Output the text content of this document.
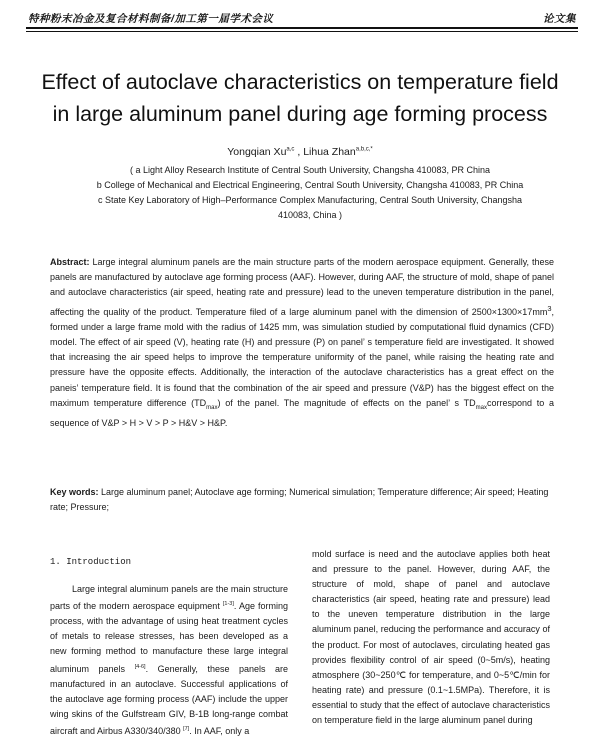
特种粉末冶金及复合材料制备/加工第一届学术会议	论文集
Effect of autoclave characteristics on temperature field
in large aluminum panel during age forming process
Yongqian Xu$^{a,c}$ , Lihua Zhan$^{a,b,c,*}$
( a Light Alloy Research Institute of Central South University, Changsha 410083, PR China
b College of Mechanical and Electrical Engineering, Central South University, Changsha 410083, PR China
c State Key Laboratory of High–Performance Complex Manufacturing, Central South University, Changsha
410083, China )
Abstract: Large integral aluminum panels are the main structure parts of the modern aerospace equipment. Generally, these panels are manufactured by autoclave age forming process (AAF). However, during AAF, the structure of mold, shape of panel and autoclave characteristics (air speed, heating rate and pressure) lead to the uneven temperature distribution in the panel, affecting the quality of the product. Temperature filed of a large aluminum panel with the dimension of $2500\times 1300\times 17mm^3$, formed under a large frame mold with the radius of 1425 mm, was simulation studied by computational fluid dynamics (CFD) model. The effect of air speed (V), heating rate (H) and pressure (P) on panel’ s temperature field are investigated. It showed that increasing the air speed helps to improve the temperature uniformity of the panel, while raising the heating rate and pressure have the opposite effects. Additionally, the interaction of the autoclave characteristics has a great effect on the paneis’ temperature field. It is found that the combination of the air speed and pressure (V&P) has the biggest effect on the maximum temperature difference $(TD_{max})$ of the panel. The magnitude of effects on the panel’ s $TD_{max}correspond$ to a sequence of V&P > H > V > P > H&V > H&P.
Key words: Large aluminum panel; Autoclave age forming; Numerical simulation; Temperature difference; Air speed; Heating rate; Pressure;
1. Introduction
Large integral aluminum panels are the main structure parts of the modern aerospace equipment [1-3]. Age forming process, with the advantage of using heat treatment cycles of metals to release stresses, has been developed as a new forming method to manufacture these large integral aluminum panels [4-6]. Generally, these panels are manufactured in an autoclave. Successful applications of the autoclave age forming process (AAF) include the upper wing skins of the Gulfstream GIV, B-1B long-range combat aircraft and Airbus A330/340/380 [7]. In AAF, only a
mold surface is need and the autoclave applies both heat and pressure to the panel. However, during AAF, the structure of mold, shape of panel and autoclave characteristics (air speed, heating rate and pressure) lead to the uneven temperature distribution in the large aluminum panel, reducing the performance and accuracy of the product. For most of autoclaves, circulating heated gas provides flexibility control of air speed (0~5m/s), heating atmosphere (30~250℃ for temperature, and 0~5℃/min for heating rate) and pressure (0.1~1.5MPa). Therefore, it is essential to study that the effect of autoclave characteristics on temperature field in the large aluminum panel during
